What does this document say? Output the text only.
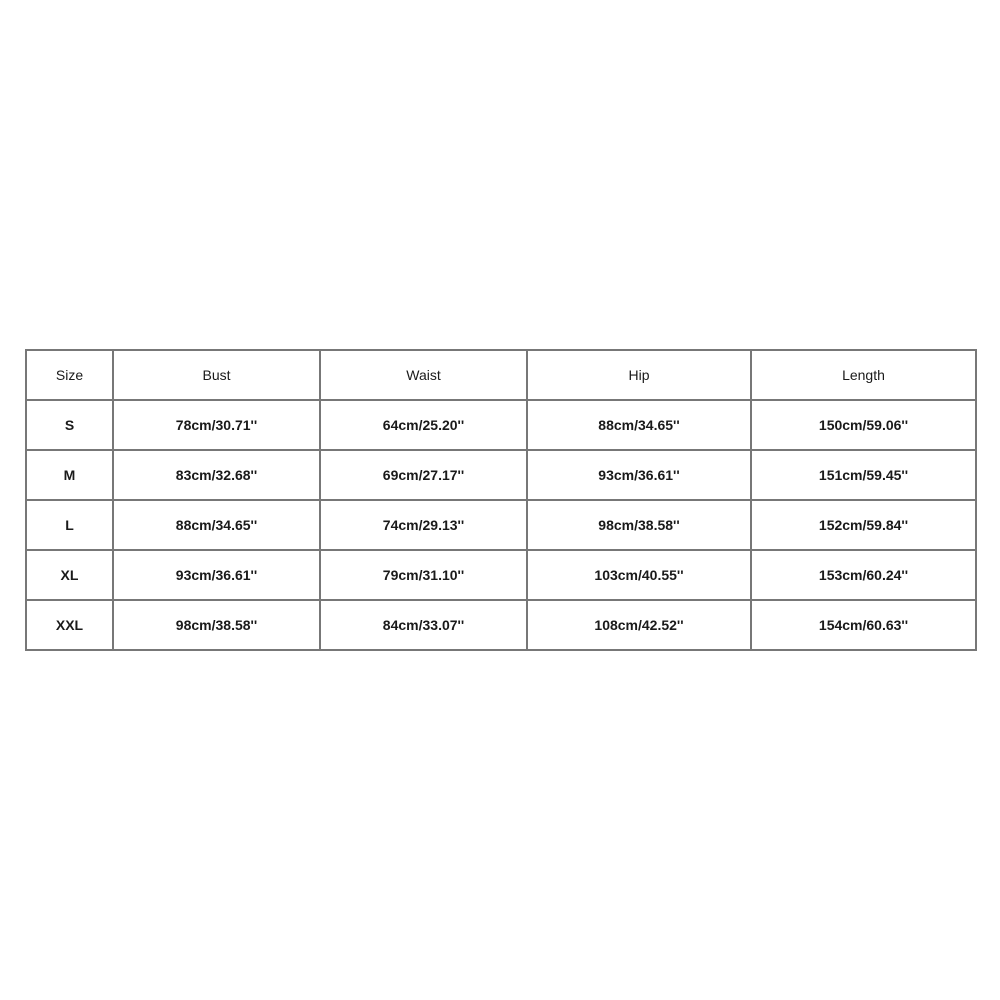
Size	Bust	Waist	Hip	Length
S	78cm/30.71''	64cm/25.20''	88cm/34.65''	150cm/59.06''
M	83cm/32.68''	69cm/27.17''	93cm/36.61''	151cm/59.45''
L	88cm/34.65''	74cm/29.13''	98cm/38.58''	152cm/59.84''
XL	93cm/36.61''	79cm/31.10''	103cm/40.55''	153cm/60.24''
XXL	98cm/38.58''	84cm/33.07''	108cm/42.52''	154cm/60.63''
